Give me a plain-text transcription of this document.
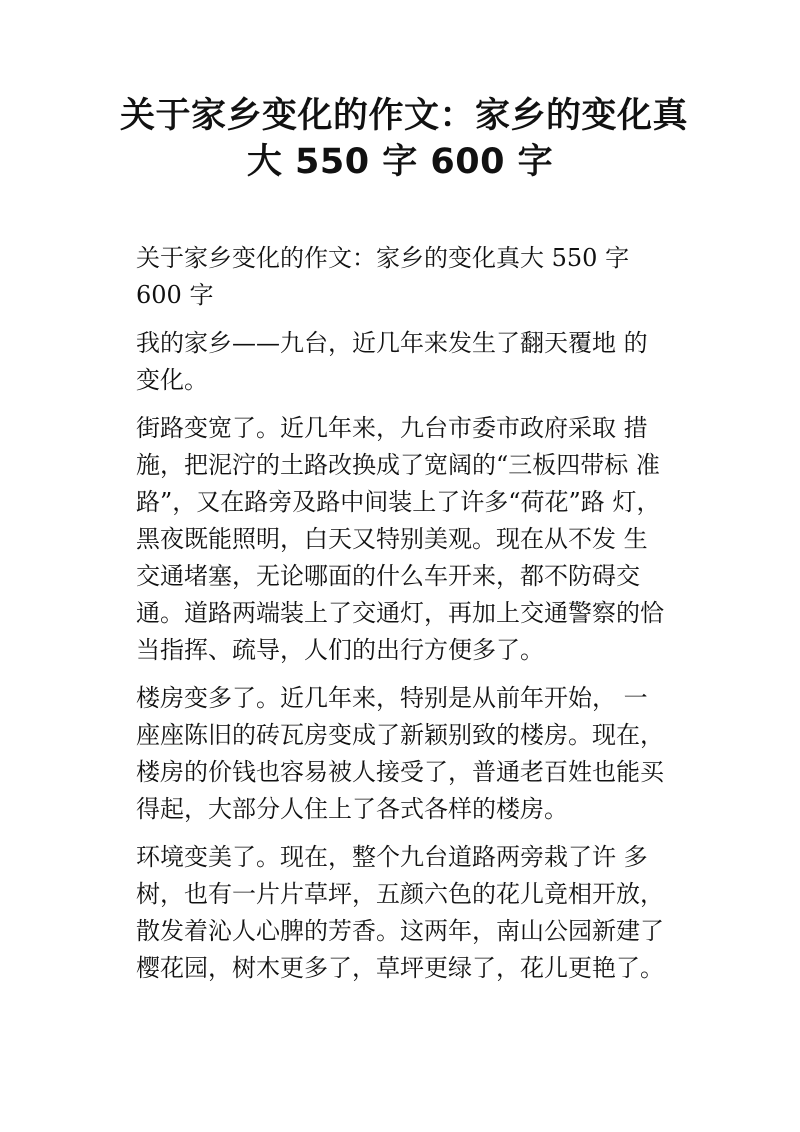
关于家乡变化的作文：家乡的变化真
大 550 字 600 字
关于家乡变化的作文：家乡的变化真大 550 字 600 字
我的家乡——九台，近几年来发生了翻天覆地 的变化。
街路变宽了。近几年来，九台市委市政府采取 措施，把泥泞的土路改换成了宽阔的“三板四带标 准路”，又在路旁及路中间装上了许多“荷花”路 灯，黑夜既能照明，白天又特别美观。现在从不发 生交通堵塞，无论哪面的什么车开来，都不防碍交 通。道路两端装上了交通灯，再加上交通警察的恰 当指挥、疏导，人们的出行方便多了。
楼房变多了。近几年来，特别是从前年开始， 一座座陈旧的砖瓦房变成了新颖别致的楼房。现在， 楼房的价钱也容易被人接受了，普通老百姓也能买 得起，大部分人住上了各式各样的楼房。
环境变美了。现在，整个九台道路两旁栽了许 多树，也有一片片草坪，五颜六色的花儿竟相开放， 散发着沁人心脾的芳香。这两年，南山公园新建了 樱花园，树木更多了，草坪更绿了，花儿更艳了。
